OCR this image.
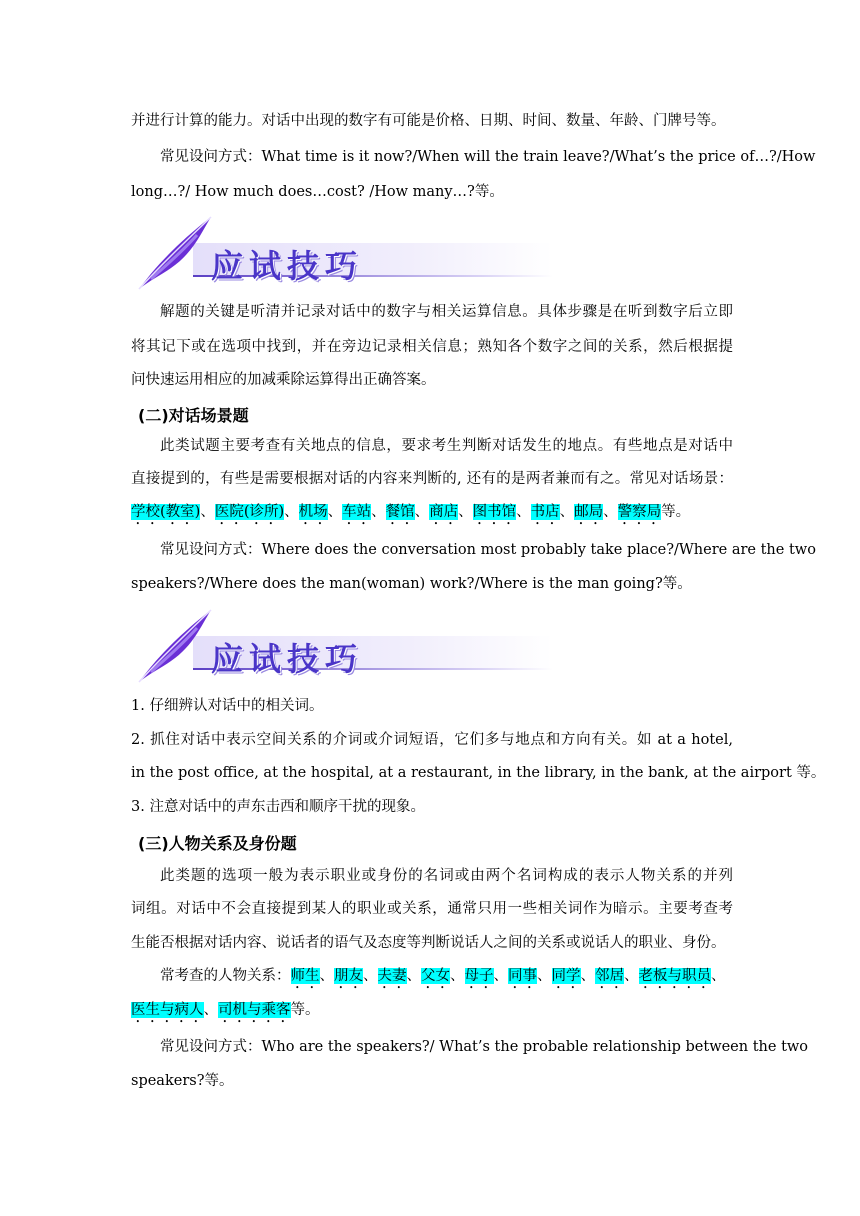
并进行计算的能力。对话中出现的数字有可能是价格、日期、时间、数量、年龄、门牌号等。
常见设问方式：What time is it now?/When will the train leave?/What’s the price of…?/How
long…?/ How much does…cost? /How many…?等。
应试技巧
解题的关键是听清并记录对话中的数字与相关运算信息。具体步骤是在听到数字后立即
将其记下或在选项中找到，并在旁边记录相关信息；熟知各个数字之间的关系，然后根据提
问快速运用相应的加减乘除运算得出正确答案。
(二)对话场景题
此类试题主要考查有关地点的信息，要求考生判断对话发生的地点。有些地点是对话中
直接提到的，有些是需要根据对话的内容来判断的, 还有的是两者兼而有之。常见对话场景：
学校(教室)、医院(诊所)、机场、车站、餐馆、商店、图书馆、书店、邮局、警察局等。
常见设问方式：Where does the conversation most probably take place?/Where are the two
speakers?/Where does the man(woman) work?/Where is the man going?等。
应试技巧
1. 仔细辨认对话中的相关词。
2. 抓住对话中表示空间关系的介词或介词短语，它们多与地点和方向有关。如 at a hotel,
in the post office, at the hospital, at a restaurant, in the library, in the bank, at the airport 等。
3. 注意对话中的声东击西和顺序干扰的现象。
(三)人物关系及身份题
此类题的选项一般为表示职业或身份的名词或由两个名词构成的表示人物关系的并列
词组。对话中不会直接提到某人的职业或关系，通常只用一些相关词作为暗示。主要考查考
生能否根据对话内容、说话者的语气及态度等判断说话人之间的关系或说话人的职业、身份。
常考查的人物关系：师生、朋友、夫妻、父女、母子、同事、同学、邻居、老板与职员、
医生与病人、司机与乘客等。
常见设问方式：Who are the speakers?/ What’s the probable relationship between the two
speakers?等。
